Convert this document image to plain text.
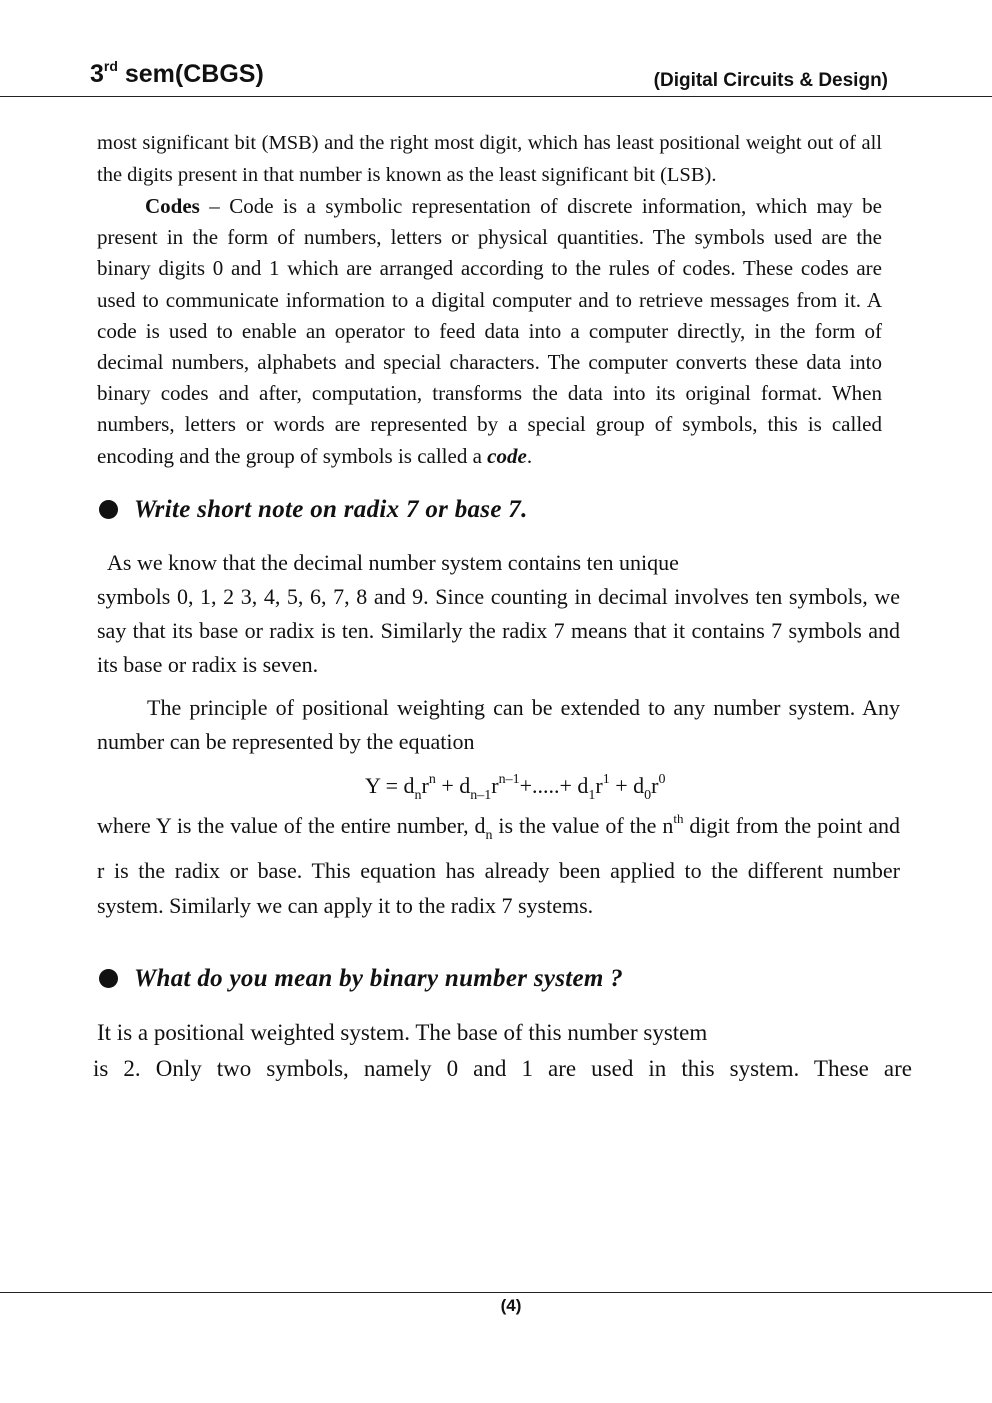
3rd sem(CBGS)	(Digital Circuits & Design)

most significant bit (MSB) and the right most digit, which has least positional weight out of all the digits present in that number is known as the least significant bit (LSB).

Codes – Code is a symbolic representation of discrete information, which may be present in the form of numbers, letters or physical quantities. The symbols used are the binary digits 0 and 1 which are arranged according to the rules of codes. These codes are used to communicate information to a digital computer and to retrieve messages from it. A code is used to enable an operator to feed data into a computer directly, in the form of decimal numbers, alphabets and special characters. The computer converts these data into binary codes and after, computation, transforms the data into its original format. When numbers, letters or words are represented by a special group of symbols, this is called encoding and the group of symbols is called a code.

Write short note on radix 7 or base 7.

As we know that the decimal number system contains ten unique
symbols 0, 1, 2 3, 4, 5, 6, 7, 8 and 9. Since counting in decimal involves ten symbols, we say that its base or radix is ten. Similarly the radix 7 means that it contains 7 symbols and its base or radix is seven.

The principle of positional weighting can be extended to any number system. Any number can be represented by the equation

$Y = d_nr^n + d_{n-1}r^{n-1}+.....+ d_1r^1 + d_0r^0$

where Y is the value of the entire number, $d_n$ is the value of the $n^{th}$ digit from the point and r is the radix or base. This equation has already been applied to the different number system. Similarly we can apply it to the radix 7 systems.

What do you mean by binary number system ?

It is a positional weighted system. The base of this number system
is 2. Only two symbols, namely 0 and 1 are used in this system. These are

(4)
